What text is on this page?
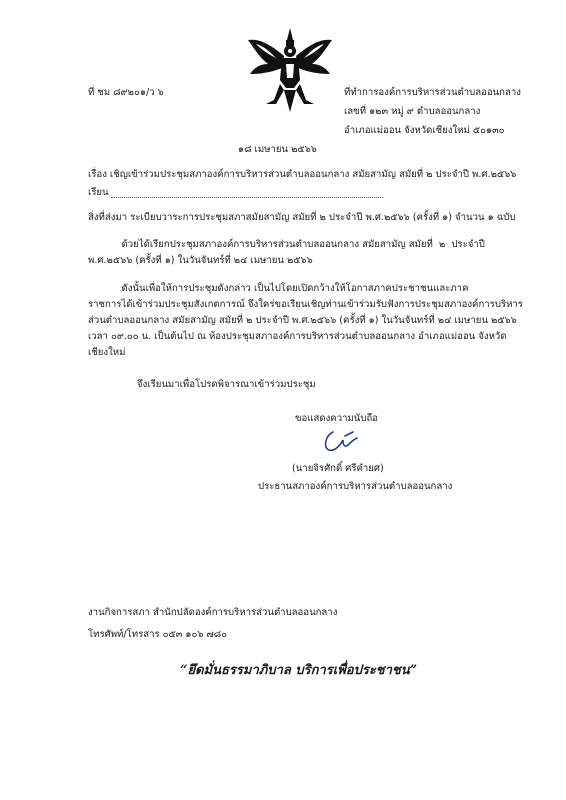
ที่ ชม ๘๙๒๐๑/ว ๖	ที่ทำการองค์การบริหารส่วนตำบลออนกลาง
เลขที่ ๑๒๓ หมู่ ๙ ตำบลออนกลาง
อำเภอแม่ออน จังหวัดเชียงใหม่ ๕๐๑๓๐
๑๘ เมษายน ๒๕๖๖
เรื่อง เชิญเข้าร่วมประชุมสภาองค์การบริหารส่วนตำบลออนกลาง สมัยสามัญ สมัยที่ ๒ ประจำปี พ.ศ.๒๕๖๖
เรียน
สิ่งที่ส่งมา ระเบียบวาระการประชุมสภาสมัยสามัญ สมัยที่ ๒ ประจำปี พ.ศ.๒๕๖๖ (ครั้งที่ ๑) จำนวน ๑ ฉบับ
ด้วยได้เรียกประชุมสภาองค์การบริหารส่วนตำบลออนกลาง สมัยสามัญ สมัยที่  ๒  ประจำปี
พ.ศ.๒๕๖๖ (ครั้งที่ ๑) ในวันจันทร์ที่ ๒๔ เมษายน ๒๕๖๖
ดังนั้นเพื่อให้การประชุมดังกล่าว เป็นไปโดยเปิดกว้างให้โอกาสภาคประชาชนและภาค
ราชการได้เข้าร่วมประชุมสังเกตการณ์ จึงใคร่ขอเรียนเชิญท่านเข้าร่วมรับฟังการประชุมสภาองค์การบริหาร
ส่วนตำบลออนกลาง สมัยสามัญ สมัยที่ ๒ ประจำปี พ.ศ.๒๕๖๖ (ครั้งที่ ๑) ในวันจันทร์ที่ ๒๔ เมษายน ๒๕๖๖
เวลา ๐๙.๐๐ น. เป็นต้นไป ณ ห้องประชุมสภาองค์การบริหารส่วนตำบลออนกลาง อำเภอแม่ออน จังหวัด
เชียงใหม่
จึงเรียนมาเพื่อโปรดพิจารณาเข้าร่วมประชุม
ขอแสดงความนับถือ
(นายจิรศักดิ์ ศรีคำยศ)
ประธานสภาองค์การบริหารส่วนตำบลออนกลาง
งานกิจการสภา สำนักปลัดองค์การบริหารส่วนตำบลออนกลาง
โทรศัพท์/โทรสาร ๐๕๓ ๑๐๖ ๗๘๐
“ยึดมั่นธรรมาภิบาล บริการเพื่อประชาชน”
